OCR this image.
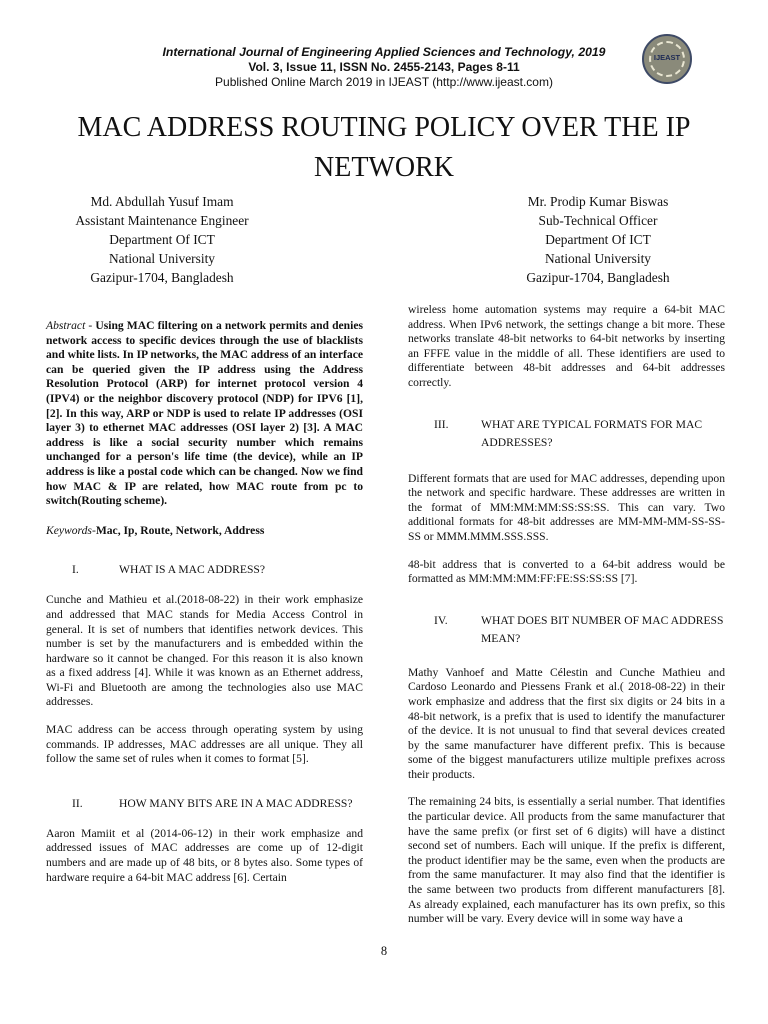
International Journal of Engineering Applied Sciences and Technology, 2019
Vol. 3, Issue 11, ISSN No. 2455-2143, Pages 8-11
Published Online March 2019 in IJEAST (http://www.ijeast.com)
IJEAST
MAC ADDRESS ROUTING POLICY OVER THE IP NETWORK
Md. Abdullah Yusuf Imam
Assistant Maintenance Engineer
Department Of ICT
National University
Gazipur-1704, Bangladesh
Mr. Prodip Kumar Biswas
Sub-Technical Officer
Department Of ICT
National University
Gazipur-1704, Bangladesh

Abstract - Using MAC filtering on a network permits and denies network access to specific devices through the use of blacklists and white lists. In IP networks, the MAC address of an interface can be queried given the IP address using the Address Resolution Protocol (ARP) for internet protocol version 4 (IPV4) or the neighbor discovery protocol (NDP) for IPV6 [1],[2]. In this way, ARP or NDP is used to relate IP addresses (OSI layer 3) to ethernet MAC addresses (OSI layer 2) [3]. A MAC address is like a social security number which remains unchanged for a person's life time (the device), while an IP address is like a postal code which can be changed. Now we find how MAC & IP are related, how MAC route from pc to switch(Routing scheme).

Keywords-Mac, Ip, Route, Network, Address

I.	WHAT IS A MAC ADDRESS?

Cunche and Mathieu et al.(2018-08-22) in their work emphasize and addressed that MAC stands for Media Access Control in general. It is set of numbers that identifies network devices. This number is set by the manufacturers and is embedded within the hardware so it cannot be changed. For this reason it is also known as a fixed address [4]. While it was known as an Ethernet address, Wi-Fi and Bluetooth are among the technologies also use MAC addresses.

MAC address can be access through operating system by using commands. IP addresses, MAC addresses are all unique. They all follow the same set of rules when it comes to format [5].

II.	HOW MANY BITS ARE IN A MAC ADDRESS?

Aaron Mamiit et al (2014-06-12) in their work emphasize and addressed issues of MAC addresses are come up of 12-digit numbers and are made up of 48 bits, or 8 bytes also. Some types of hardware require a 64-bit MAC address [6]. Certain

wireless home automation systems may require a 64-bit MAC address. When IPv6 network, the settings change a bit more. These networks translate 48-bit networks to 64-bit networks by inserting an FFFE value in the middle of all. These identifiers are used to differentiate between 48-bit addresses and 64-bit addresses correctly.

III.	WHAT ARE TYPICAL FORMATS FOR MAC ADDRESSES?

Different formats that are used for MAC addresses, depending upon the network and specific hardware. These addresses are written in the format of MM:MM:MM:SS:SS:SS. This can vary. Two additional formats for 48-bit addresses are MM-MM-MM-SS-SS-SS or MMM.MMM.SSS.SSS.

48-bit address that is converted to a 64-bit address would be formatted as MM:MM:MM:FF:FE:SS:SS:SS [7].

IV.	WHAT DOES BIT NUMBER OF MAC ADDRESS MEAN?

Mathy Vanhoef and Matte Célestin and Cunche Mathieu and Cardoso Leonardo and Piessens Frank et al.( 2018-08-22) in their work emphasize and address that the first six digits or 24 bits in a 48-bit network, is a prefix that is used to identify the manufacturer of the device. It is not unusual to find that several devices created by the same manufacturer have different prefix. This is because some of the biggest manufacturers utilize multiple prefixes across their products.

The remaining 24 bits, is essentially a serial number. That identifies the particular device. All products from the same manufacturer that have the same prefix (or first set of 6 digits) will have a distinct second set of numbers. Each will unique. If the prefix is different, the product identifier may be the same, even when the products are from the same manufacturer. It may also find that the identifier is the same between two products from different manufacturers [8]. As already explained, each manufacturer has its own prefix, so this number will be vary. Every device will in some way have a

8
